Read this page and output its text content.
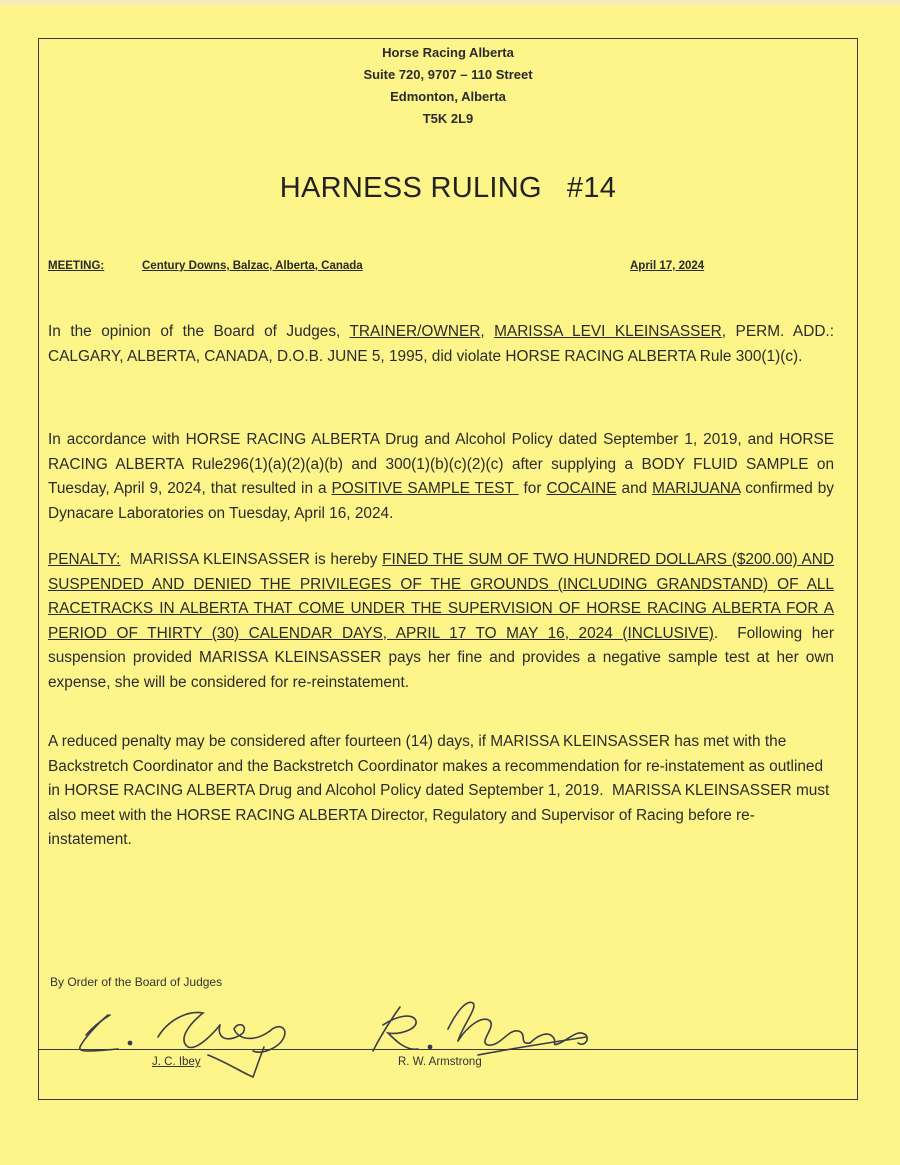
Horse Racing Alberta
Suite 720, 9707 – 110 Street
Edmonton, Alberta
T5K 2L9
HARNESS RULING   #14
MEETING:	Century Downs, Balzac, Alberta, Canada	April 17, 2024
In the opinion of the Board of Judges, TRAINER/OWNER, MARISSA LEVI KLEINSASSER, PERM. ADD.: CALGARY, ALBERTA, CANADA, D.O.B. JUNE 5, 1995, did violate HORSE RACING ALBERTA Rule 300(1)(c).
In accordance with HORSE RACING ALBERTA Drug and Alcohol Policy dated September 1, 2019, and HORSE RACING ALBERTA Rule296(1)(a)(2)(a)(b) and 300(1)(b)(c)(2)(c) after supplying a BODY FLUID SAMPLE on Tuesday, April 9, 2024, that resulted in a POSITIVE SAMPLE TEST  for COCAINE and MARIJUANA confirmed by Dynacare Laboratories on Tuesday, April 16, 2024.
PENALTY:  MARISSA KLEINSASSER is hereby FINED THE SUM OF TWO HUNDRED DOLLARS ($200.00) AND SUSPENDED AND DENIED THE PRIVILEGES OF THE GROUNDS (INCLUDING GRANDSTAND) OF ALL RACETRACKS IN ALBERTA THAT COME UNDER THE SUPERVISION OF HORSE RACING ALBERTA FOR A PERIOD OF THIRTY (30) CALENDAR DAYS, APRIL 17 TO MAY 16, 2024 (INCLUSIVE).  Following her suspension provided MARISSA KLEINSASSER pays her fine and provides a negative sample test at her own expense, she will be considered for re-reinstatement.
A reduced penalty may be considered after fourteen (14) days, if MARISSA KLEINSASSER has met with the Backstretch Coordinator and the Backstretch Coordinator makes a recommendation for re-instatement as outlined in HORSE RACING ALBERTA Drug and Alcohol Policy dated September 1, 2019.  MARISSA KLEINSASSER must also meet with the HORSE RACING ALBERTA Director, Regulatory and Supervisor of Racing before re-instatement.
By Order of the Board of Judges
J. C. Ibey	R. W. Armstrong
